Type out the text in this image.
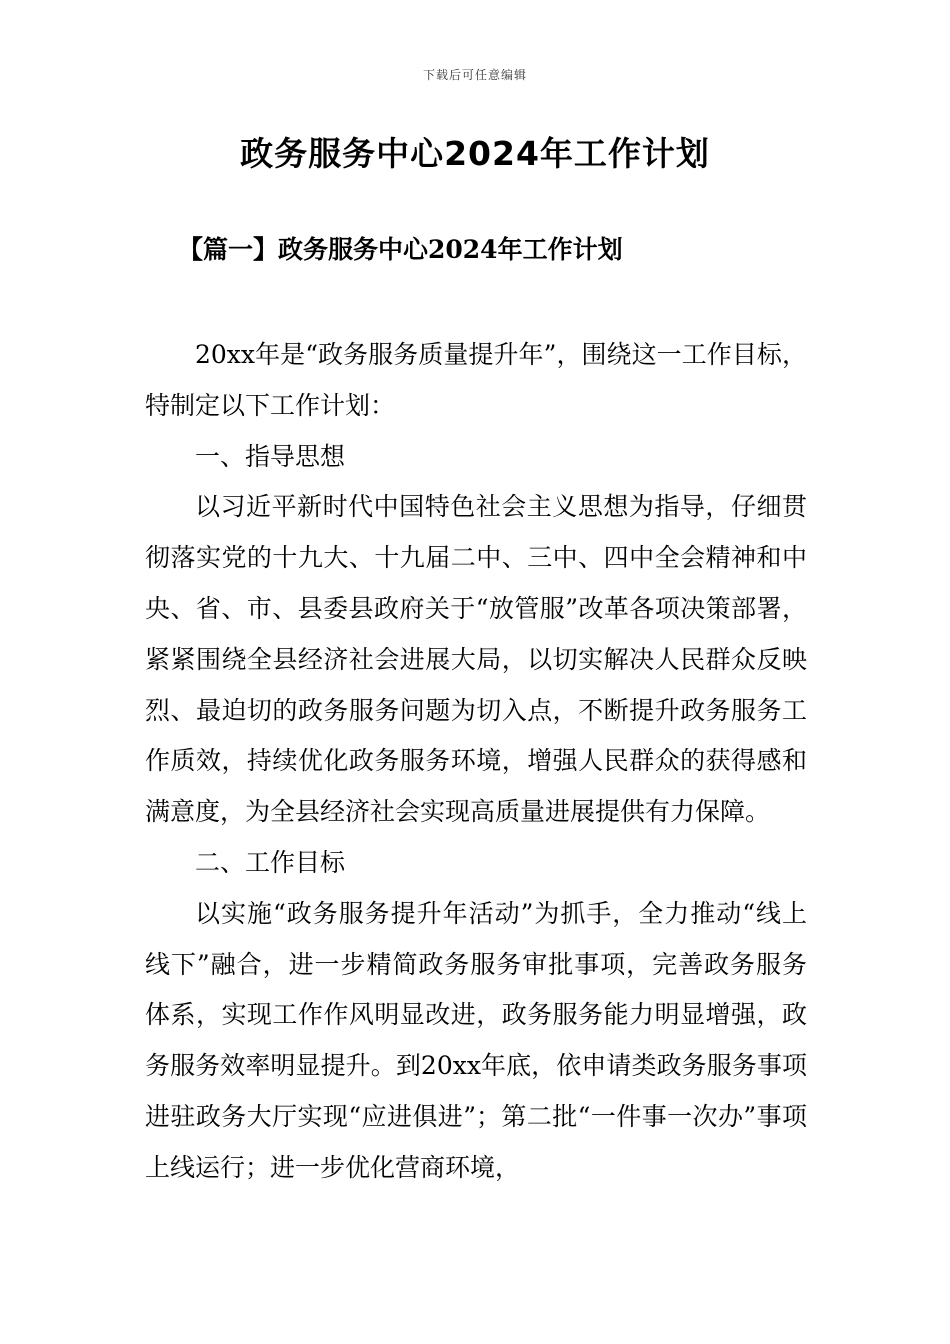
下载后可任意编辑
政务服务中心2024年工作计划
【篇一】政务服务中心2024年工作计划

20xx年是“政务服务质量提升年”，围绕这一工作目标，特制定以下工作计划：

一、指导思想

以习近平新时代中国特色社会主义思想为指导，仔细贯彻落实党的十九大、十九届二中、三中、四中全会精神和中央、省、市、县委县政府关于“放管服”改革各项决策部署，紧紧围绕全县经济社会进展大局，以切实解决人民群众反映烈、最迫切的政务服务问题为切入点，不断提升政务服务工作质效，持续优化政务服务环境，增强人民群众的获得感和满意度，为全县经济社会实现高质量进展提供有力保障。

二、工作目标

以实施“政务服务提升年活动”为抓手，全力推动“线上线下”融合，进一步精简政务服务审批事项，完善政务服务体系，实现工作作风明显改进，政务服务能力明显增强，政务服务效率明显提升。到20xx年底，依申请类政务服务事项进驻政务大厅实现“应进俱进”；第二批“一件事一次办”事项上线运行；进一步优化营商环境，
